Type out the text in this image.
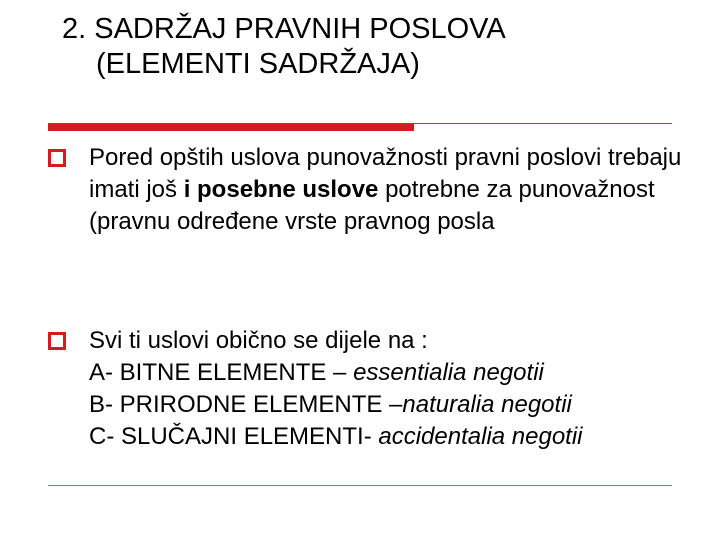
2. SADRŽAJ PRAVNIH POSLOVA
(ELEMENTI SADRŽAJA)
Pored opštih uslova punovažnosti pravni poslovi trebaju imati još i posebne uslove potrebne za punovažnost (pravnu određene vrste pravnog posla
Svi ti uslovi obično se dijele na :
A- BITNE ELEMENTE – essentialia negotii
B- PRIRODNE ELEMENTE –naturalia negotii
C- SLUČAJNI ELEMENTI- accidentalia negotii
